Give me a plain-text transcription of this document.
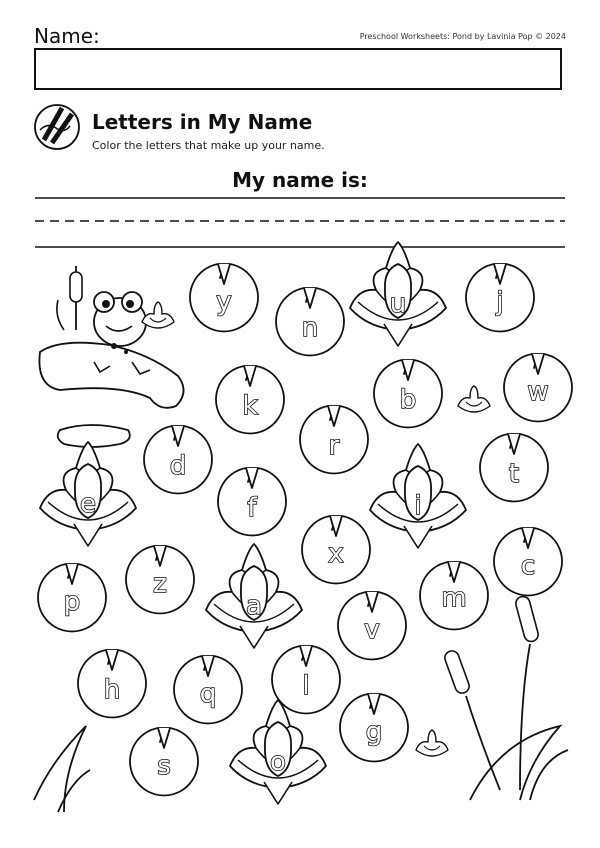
Name:	Preschool Worksheets: Pond by Lavinia Pop © 2024
Letters in My Name
Color the letters that make up your name.
My name is:
y
n
u	j
k	b	w
r
d	t
e	f	i
x	c
p
z
a	m
v
h	q	l
g
s	o
